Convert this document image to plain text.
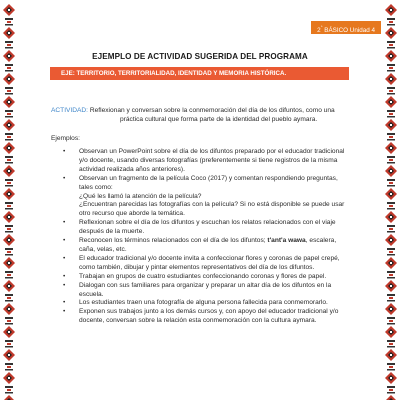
2° BÁSICO Unidad 4
EJEMPLO DE ACTIVIDAD SUGERIDA DEL PROGRAMA
EJE: TERRITORIO, TERRITORIALIDAD, IDENTIDAD Y MEMORIA HISTÓRICA.
ACTIVIDAD: Reflexionan y conversan sobre la conmemoración del día de los difuntos, como una
práctica cultural que forma parte de la identidad del pueblo aymara.
Ejemplos:
• Observan un PowerPoint sobre el día de los difuntos preparado por el educador tradicional
y/o docente, usando diversas fotografías (preferentemente si tiene registros de la misma
actividad realizada años anteriores).
• Observan un fragmento de la película Coco (2017) y comentan respondiendo preguntas,
tales como:
¿Qué les llamó la atención de la película?
¿Encuentran parecidas las fotografías con la película? Si no está disponible se puede usar
otro recurso que aborde la temática.
• Reflexionan sobre el día de los difuntos y escuchan los relatos relacionados con el viaje
después de la muerte.
• Reconocen los términos relacionados con el día de los difuntos; t'ant'a wawa, escalera,
caña, velas, etc.
• El educador tradicional y/o docente invita a confeccionar flores y coronas de papel crepé,
como también, dibujar y pintar elementos representativos del día de los difuntos.
• Trabajan en grupos de cuatro estudiantes confeccionando coronas y flores de papel.
• Dialogan con sus familiares para organizar y preparar un altar día de los difuntos en la
escuela.
• Los estudiantes traen una fotografía de alguna persona fallecida para conmemorarlo.
• Exponen sus trabajos junto a los demás cursos y, con apoyo del educador tradicional y/o
docente, conversan sobre la relación esta conmemoración con la cultura aymara.
